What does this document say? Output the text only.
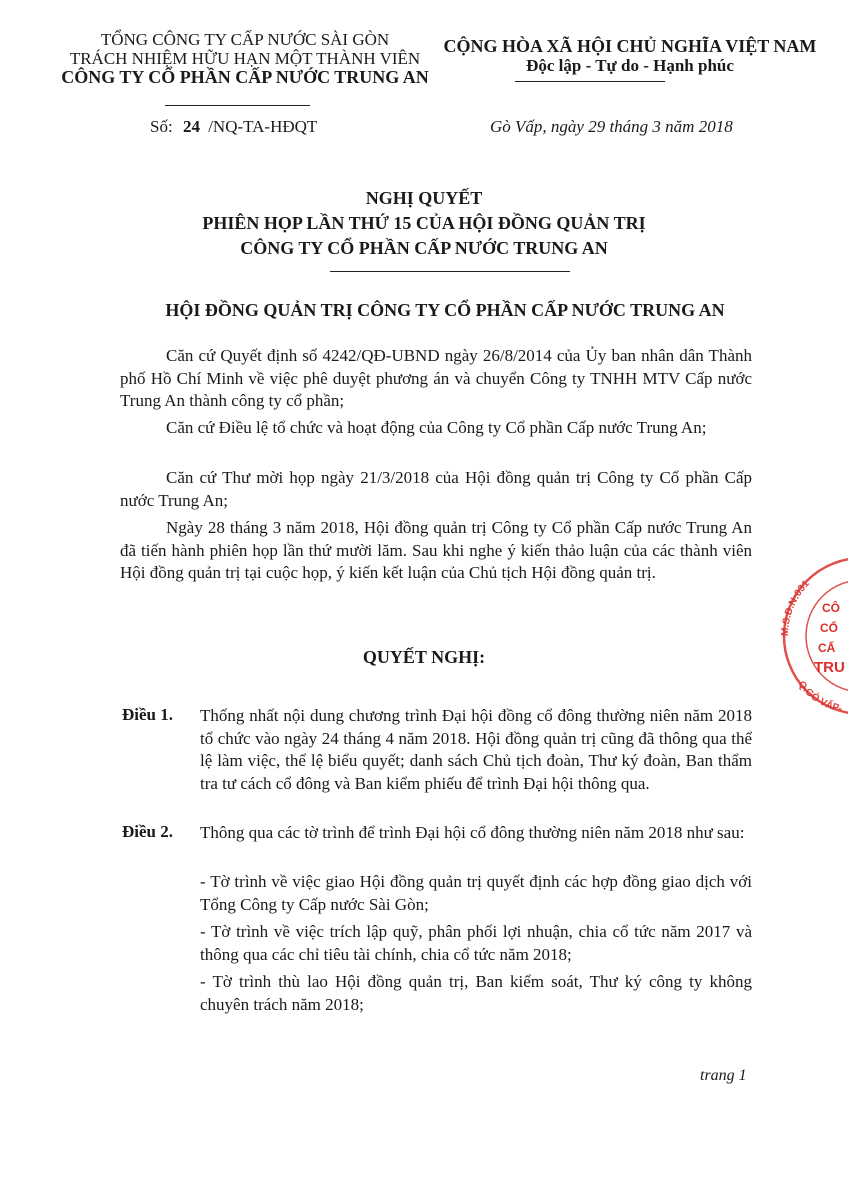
TỔNG CÔNG TY CẤP NƯỚC SÀI GÒN
TRÁCH NHIỆM HỮU HẠN MỘT THÀNH VIÊN
CÔNG TY CỔ PHẦN CẤP NƯỚC TRUNG AN
CỘNG HÒA XÃ HỘI CHỦ NGHĨA VIỆT NAM
Độc lập - Tự do - Hạnh phúc
Số: 24 /NQ-TA-HĐQT	Gò Vấp, ngày 29 tháng 3 năm 2018
NGHỊ QUYẾT
PHIÊN HỌP LẦN THỨ 15 CỦA HỘI ĐỒNG QUẢN TRỊ
CÔNG TY CỔ PHẦN CẤP NƯỚC TRUNG AN
HỘI ĐỒNG QUẢN TRỊ CÔNG TY CỔ PHẦN CẤP NƯỚC TRUNG AN
Căn cứ Quyết định số 4242/QĐ-UBND ngày 26/8/2014 của Ủy ban nhân dân Thành phố Hồ Chí Minh về việc phê duyệt phương án và chuyển Công ty TNHH MTV Cấp nước Trung An thành công ty cổ phần;
Căn cứ Điều lệ tổ chức và hoạt động của Công ty Cổ phần Cấp nước Trung An;
Căn cứ Thư mời họp ngày 21/3/2018 của Hội đồng quản trị Công ty Cổ phần Cấp nước Trung An;
Ngày 28 tháng 3 năm 2018, Hội đồng quản trị Công ty Cổ phần Cấp nước Trung An đã tiến hành phiên họp lần thứ mười lăm. Sau khi nghe ý kiến thảo luận của các thành viên Hội đồng quản trị tại cuộc họp, ý kiến kết luận của Chủ tịch Hội đồng quản trị.
QUYẾT NGHỊ:
Điều 1. Thống nhất nội dung chương trình Đại hội đồng cổ đông thường niên năm 2018 tổ chức vào ngày 24 tháng 4 năm 2018. Hội đồng quản trị cũng đã thông qua thể lệ làm việc, thể lệ biểu quyết; danh sách Chủ tịch đoàn, Thư ký đoàn, Ban thẩm tra tư cách cổ đông và Ban kiểm phiếu để trình Đại hội thông qua.
Điều 2. Thông qua các tờ trình để trình Đại hội cổ đông thường niên năm 2018 như sau:
- Tờ trình về việc giao Hội đồng quản trị quyết định các hợp đồng giao dịch với Tổng Công ty Cấp nước Sài Gòn;
- Tờ trình về việc trích lập quỹ, phân phối lợi nhuận, chia cổ tức năm 2017 và thông qua các chỉ tiêu tài chính, chia cổ tức năm 2018;
- Tờ trình thù lao Hội đồng quản trị, Ban kiểm soát, Thư ký công ty không chuyên trách năm 2018;
trang 1
M.S.D.N:031
Q.GÒ VẤP-
CÔ
CỔ
CẤ
TRU
